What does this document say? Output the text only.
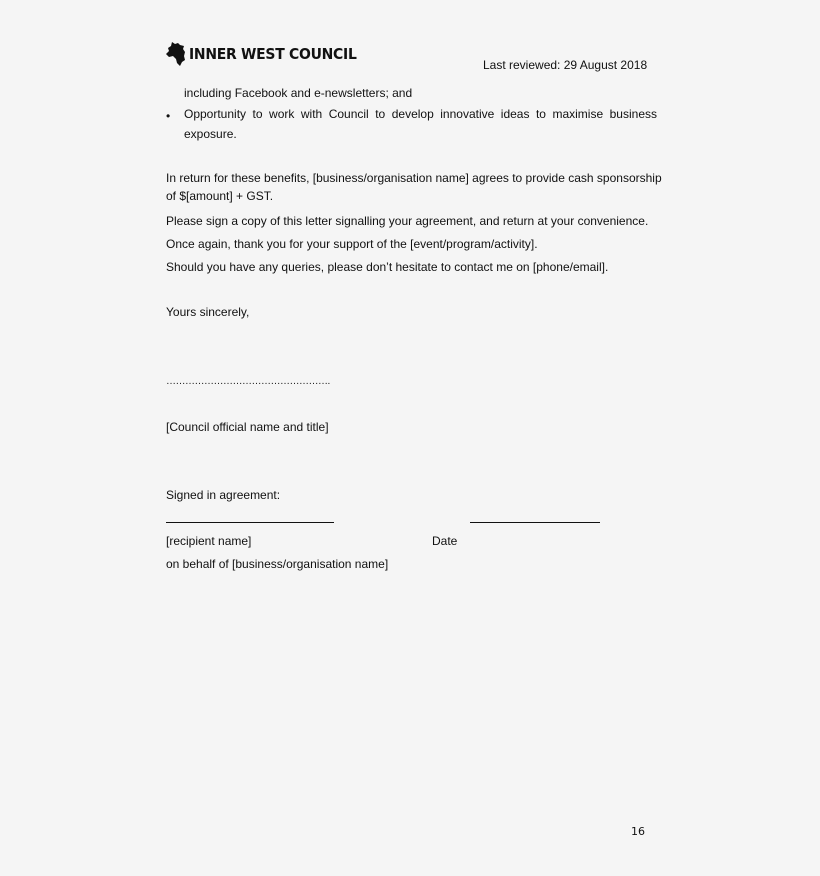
INNER WEST COUNCIL
Last reviewed: 29 August 2018
including Facebook and e-newsletters; and
• Opportunity to work with Council to develop innovative ideas to maximise business
exposure.
In return for these benefits, [business/organisation name] agrees to provide cash sponsorship
of $[amount] + GST.
Please sign a copy of this letter signalling your agreement, and return at your convenience.
Once again, thank you for your support of the [event/program/activity].
Should you have any queries, please don’t hesitate to contact me on [phone/email].
Yours sincerely,
…………………………………………….
[Council official name and title]
Signed in agreement:
[recipient name]	Date
on behalf of [business/organisation name]
16
